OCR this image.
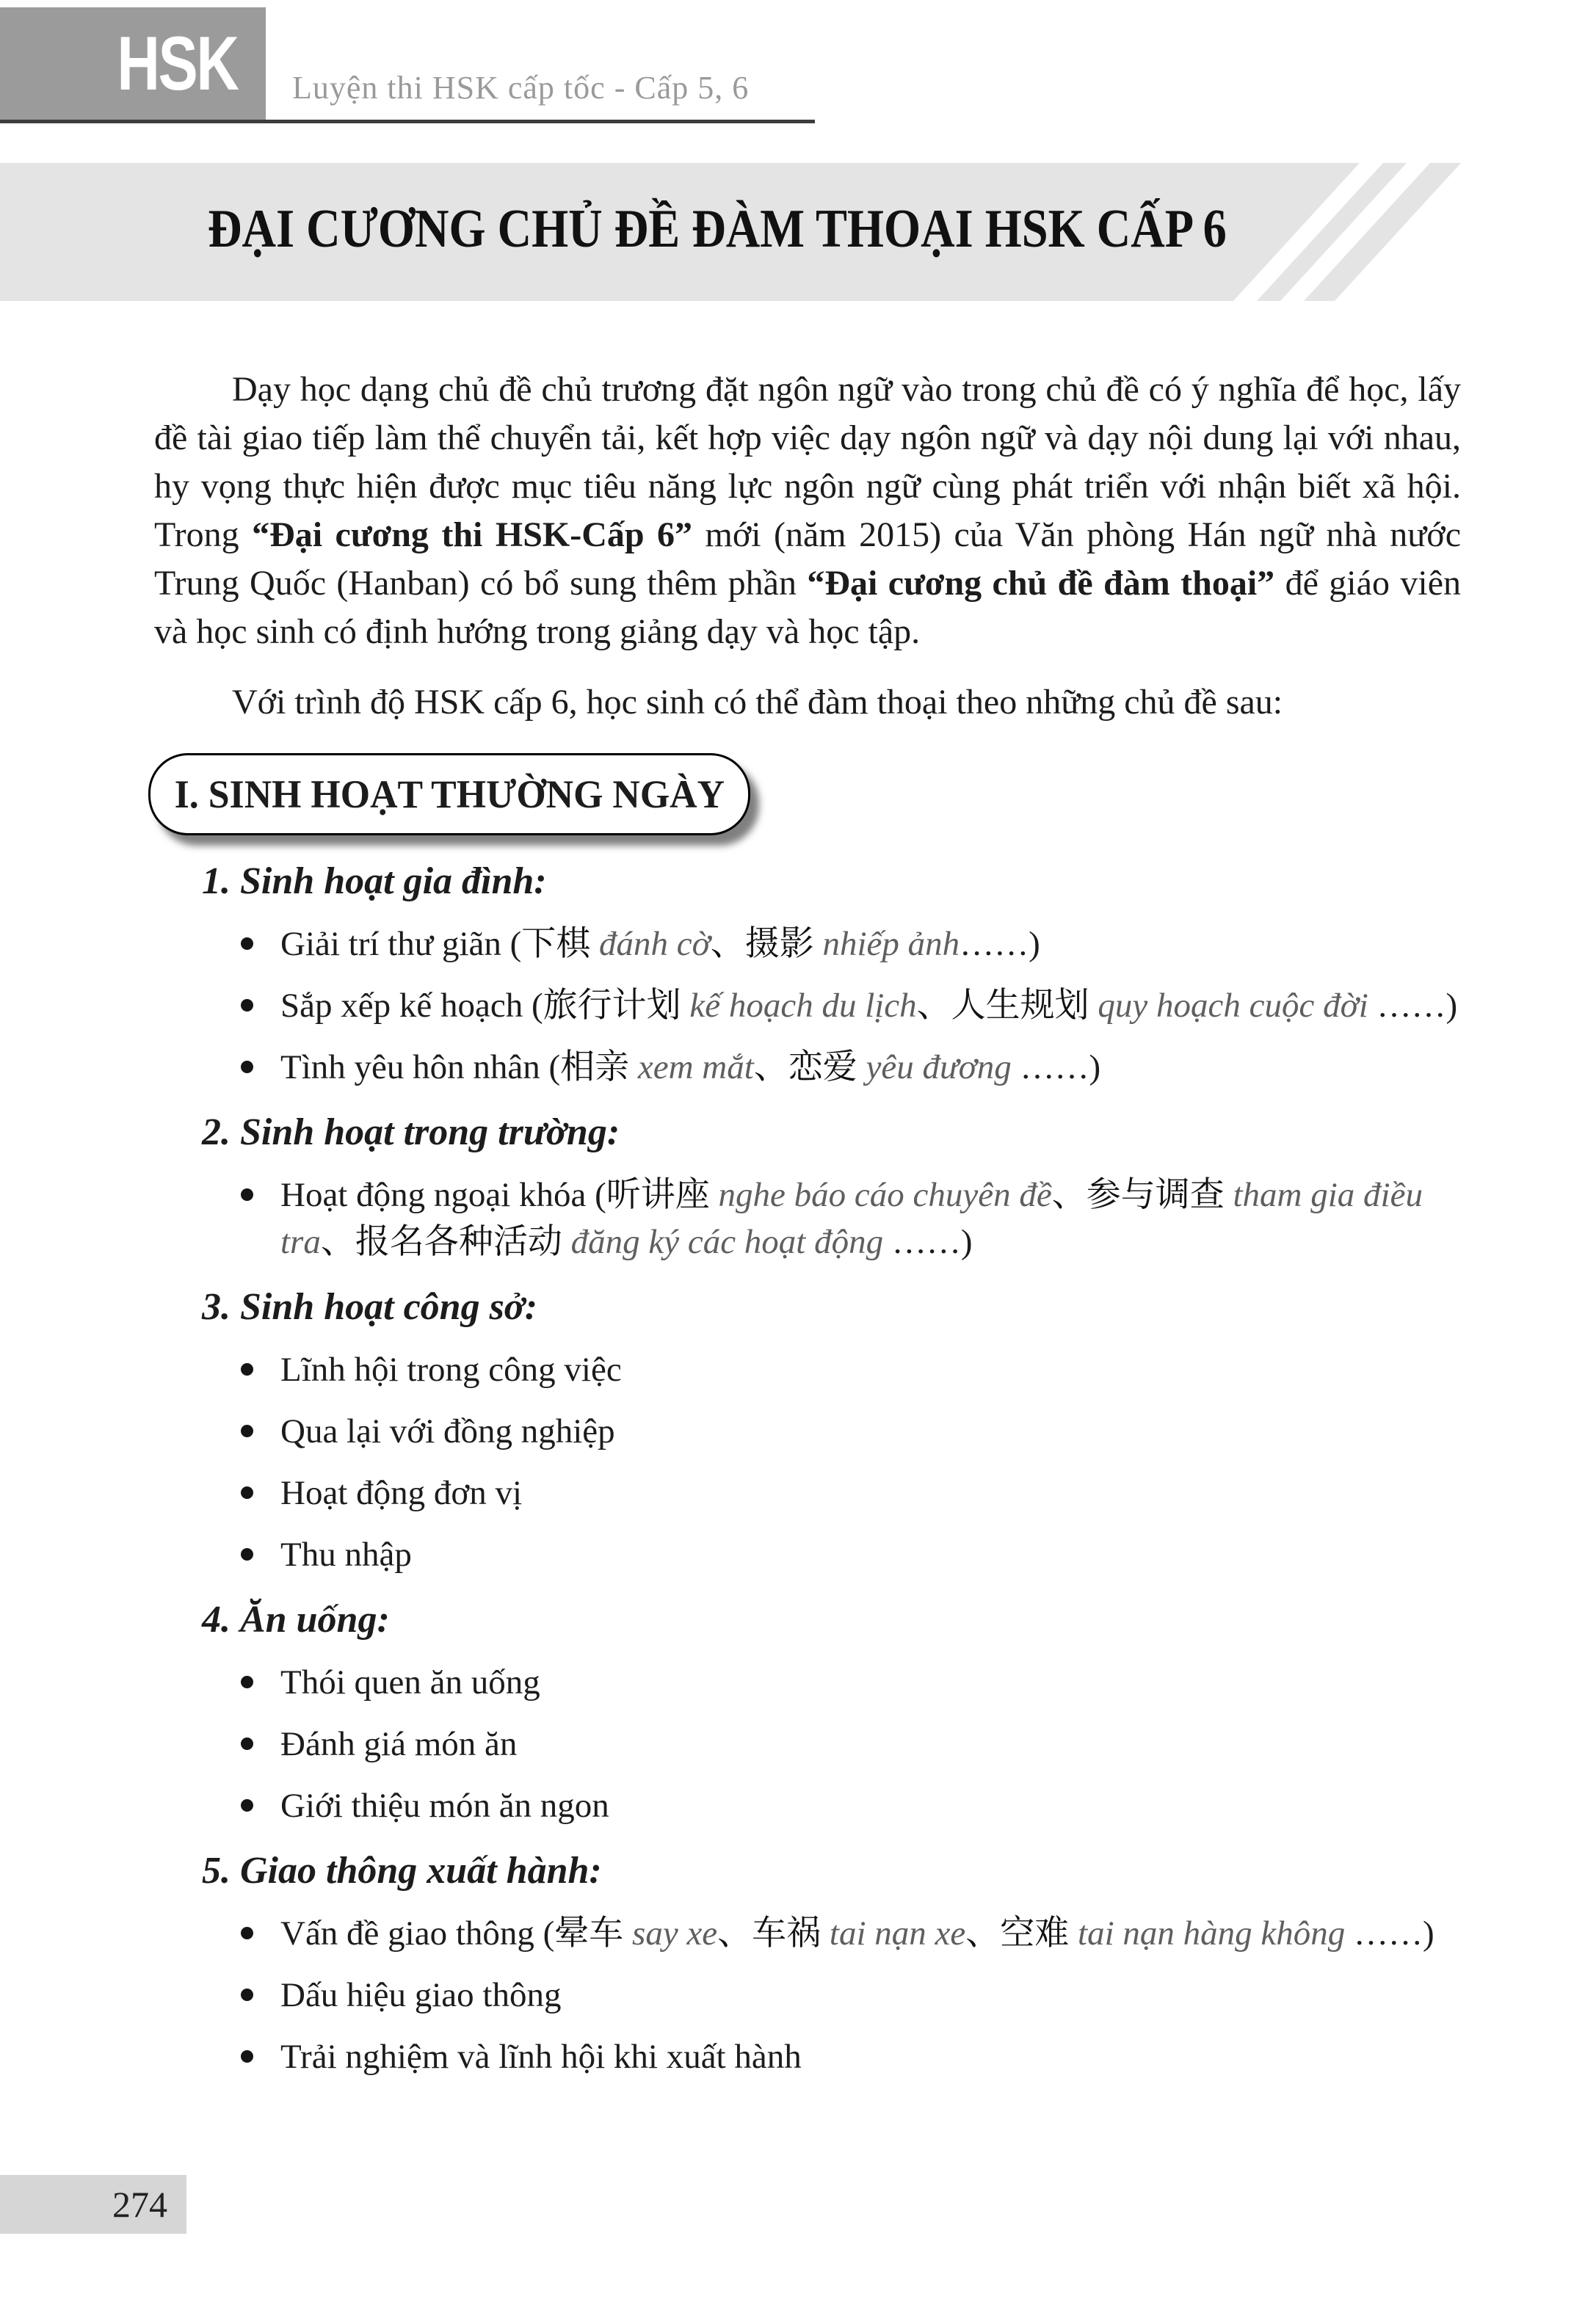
HSK Luyện thi HSK cấp tốc - Cấp 5, 6
ĐẠI CƯƠNG CHỦ ĐỀ ĐÀM THOẠI HSK CẤP 6

Dạy học dạng chủ đề chủ trương đặt ngôn ngữ vào trong chủ đề có ý nghĩa để học, lấy đề tài giao tiếp làm thể chuyển tải, kết hợp việc dạy ngôn ngữ và dạy nội dung lại với nhau, hy vọng thực hiện được mục tiêu năng lực ngôn ngữ cùng phát triển với nhận biết xã hội. Trong “Đại cương thi HSK-Cấp 6” mới (năm 2015) của Văn phòng Hán ngữ nhà nước Trung Quốc (Hanban) có bổ sung thêm phần “Đại cương chủ đề đàm thoại” để giáo viên và học sinh có định hướng trong giảng dạy và học tập.

Với trình độ HSK cấp 6, học sinh có thể đàm thoại theo những chủ đề sau:

I. SINH HOẠT THƯỜNG NGÀY
1. Sinh hoạt gia đình:
Giải trí thư giãn (下棋 đánh cờ、摄影 nhiếp ảnh……)
Sắp xếp kế hoạch (旅行计划 kế hoạch du lịch、人生规划 quy hoạch cuộc đời ……)
Tình yêu hôn nhân (相亲 xem mắt、恋爱 yêu đương ……)
2. Sinh hoạt trong trường:
Hoạt động ngoại khóa (听讲座 nghe báo cáo chuyên đề、参与调查 tham gia điều tra、报名各种活动 đăng ký các hoạt động ……)
3. Sinh hoạt công sở:
Lĩnh hội trong công việc
Qua lại với đồng nghiệp
Hoạt động đơn vị
Thu nhập
4. Ăn uống:
Thói quen ăn uống
Đánh giá món ăn
Giới thiệu món ăn ngon
5. Giao thông xuất hành:
Vấn đề giao thông (晕车 say xe、车祸 tai nạn xe、空难 tai nạn hàng không ……)
Dấu hiệu giao thông
Trải nghiệm và lĩnh hội khi xuất hành
274
